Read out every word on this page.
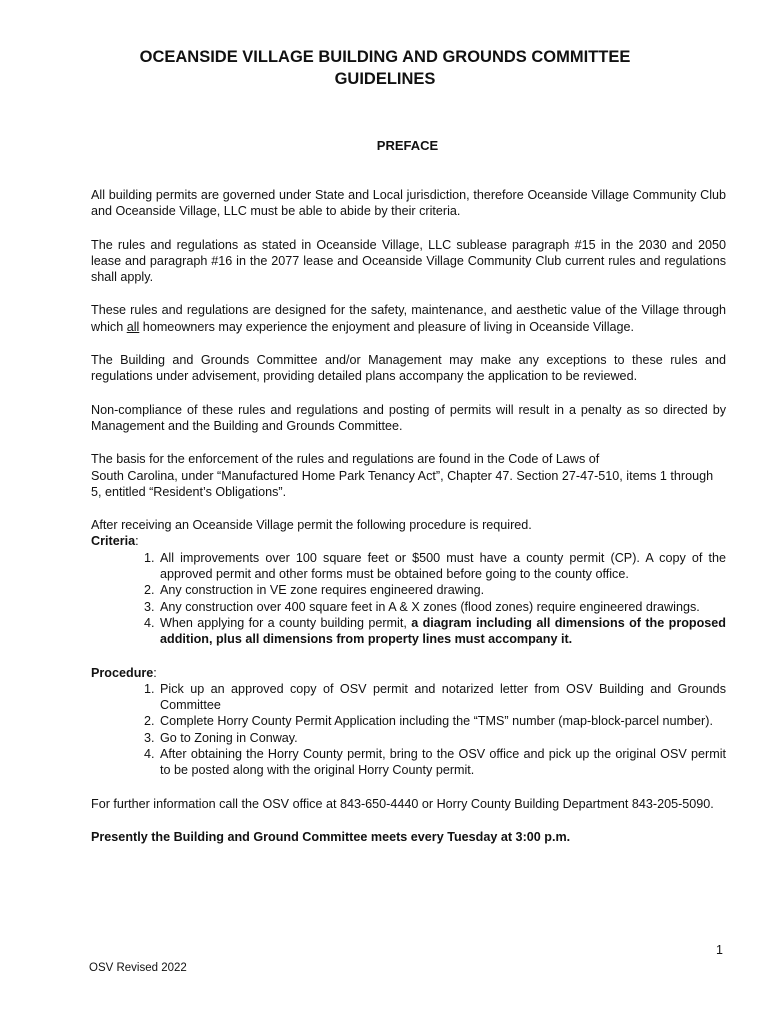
OCEANSIDE VILLAGE BUILDING AND GROUNDS COMMITTEE
GUIDELINES
PREFACE

All building permits are governed under State and Local jurisdiction, therefore Oceanside Village Community Club and Oceanside Village, LLC must be able to abide by their criteria.

The rules and regulations as stated in Oceanside Village, LLC sublease paragraph #15 in the 2030 and 2050 lease and paragraph #16 in the 2077 lease and Oceanside Village Community Club current rules and regulations shall apply.

These rules and regulations are designed for the safety, maintenance, and aesthetic value of the Village through which all homeowners may experience the enjoyment and pleasure of living in Oceanside Village.

The Building and Grounds Committee and/or Management may make any exceptions to these rules and regulations under advisement, providing detailed plans accompany the application to be reviewed.

Non-compliance of these rules and regulations and posting of permits will result in a penalty as so directed by Management and the Building and Grounds Committee.

The basis for the enforcement of the rules and regulations are found in the Code of Laws of
South Carolina, under “Manufactured Home Park Tenancy Act”, Chapter 47. Section 27-47-510, items 1 through 5, entitled “Resident’s Obligations”.

After receiving an Oceanside Village permit the following procedure is required.

Criteria:
1. All improvements over 100 square feet or $500 must have a county permit (CP). A copy of the approved permit and other forms must be obtained before going to the county office.
2. Any construction in VE zone requires engineered drawing.
3. Any construction over 400 square feet in A & X zones (flood zones) require engineered drawings.
4. When applying for a county building permit, a diagram including all dimensions of the proposed addition, plus all dimensions from property lines must accompany it.
Procedure:
1. Pick up an approved copy of OSV permit and notarized letter from OSV Building and Grounds Committee
2. Complete Horry County Permit Application including the “TMS” number (map-block-parcel number).
3. Go to Zoning in Conway.
4. After obtaining the Horry County permit, bring to the OSV office and pick up the original OSV permit to be posted along with the original Horry County permit.

For further information call the OSV office at 843-650-4440 or Horry County Building Department 843-205-5090.

Presently the Building and Ground Committee meets every Tuesday at 3:00 p.m.

1
OSV Revised 2022
